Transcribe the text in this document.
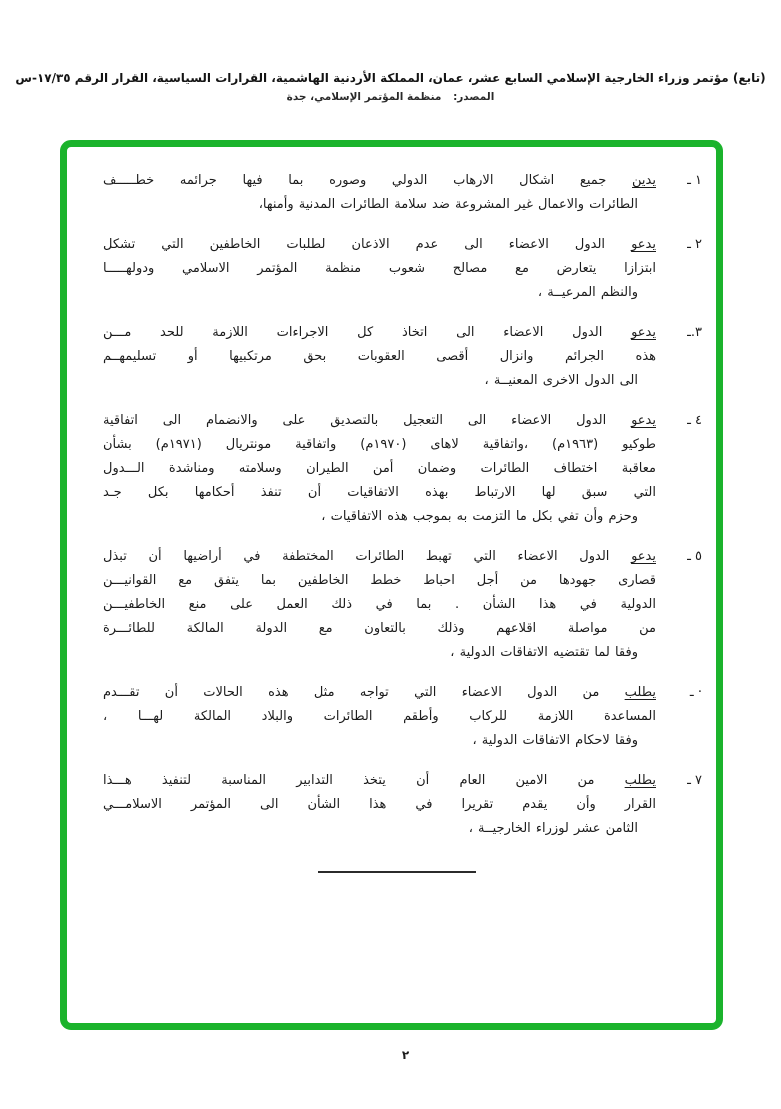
(تابع) مؤتمر وزراء الخارجية الإسلامي السابع عشر، عمان، المملكة الأردنية الهاشمية، القرارات السياسية، القرار الرقم ١٧/٣٥-س
المصدر: منظمة المؤتمر الإسلامي، جدة
١ ـ
يدين جميع اشكال الارهاب الدولي وصوره بما فيها جرائمه خطـــــف
الطائرات والاعمال غير المشروعة ضد سلامة الطائرات المدنية وأمنها،
٢ ـ
يدعو الدول الاعضاء الى عدم الاذعان لطلبات الخاطفين التي تشكل
ابتزازا يتعارض مع مصالح شعوب منظمة المؤتمر الاسلامي ودولهـــــا
والنظم المرعيــة ،
٣.ـ
يدعو الدول الاعضاء الى اتخاذ كل الاجراءات اللازمة للحد مـــن
هذه الجرائم وانزال أقصى العقوبات بحق مرتكبيها أو تسليمهــم
الى الدول الاخرى المعنيــة ،
٤ ـ
يدعو الدول الاعضاء الى التعجيل بالتصديق على والانضمام الى اتفاقية
طوكيو (١٩٦٣م) ،واتفاقية لاهاى (١٩٧٠م) واتفاقية مونتريال (١٩٧١م) بشأن
معاقبة اختطاف الطائرات وضمان أمن الطيران وسلامته ومناشدة الـــدول
التي سبق لها الارتباط بهذه الاتفاقيات أن تنفذ أحكامها بكل جـد
وحزم وأن تفي بكل ما التزمت به بموجب هذه الاتفاقيات ،
٥ ـ
يدعو الدول الاعضاء التي تهبط الطائرات المختطفة في أراضيها أن تبذل
قصارى جهودها من أجل احباط خطط الخاطفين بما يتفق مع القوانيـــن
الدولية في هذا الشأن . بما في ذلك العمل على منع الخاطفيـــن
من مواصلة اقلاعهم وذلك بالتعاون مع الدولة المالكة للطائـــرة
وفقا لما تقتضيه الاتفاقات الدولية ،
· ـ
يطلب من الدول الاعضاء التي تواجه مثل هذه الحالات أن تقـــدم
المساعدة اللازمة للركاب وأطقم الطائرات والبلاد المالكة لهـــا ،
وفقا لاحكام الاتفاقات الدولية ،
٧ ـ
يطلب من الامين العام أن يتخذ التدابير المناسبة لتنفيذ هـــذا
القرار وأن يقدم تقريرا في هذا الشأن الى المؤتمر الاسلامـــي
الثامن عشر لوزراء الخارجيــة ،
٢
